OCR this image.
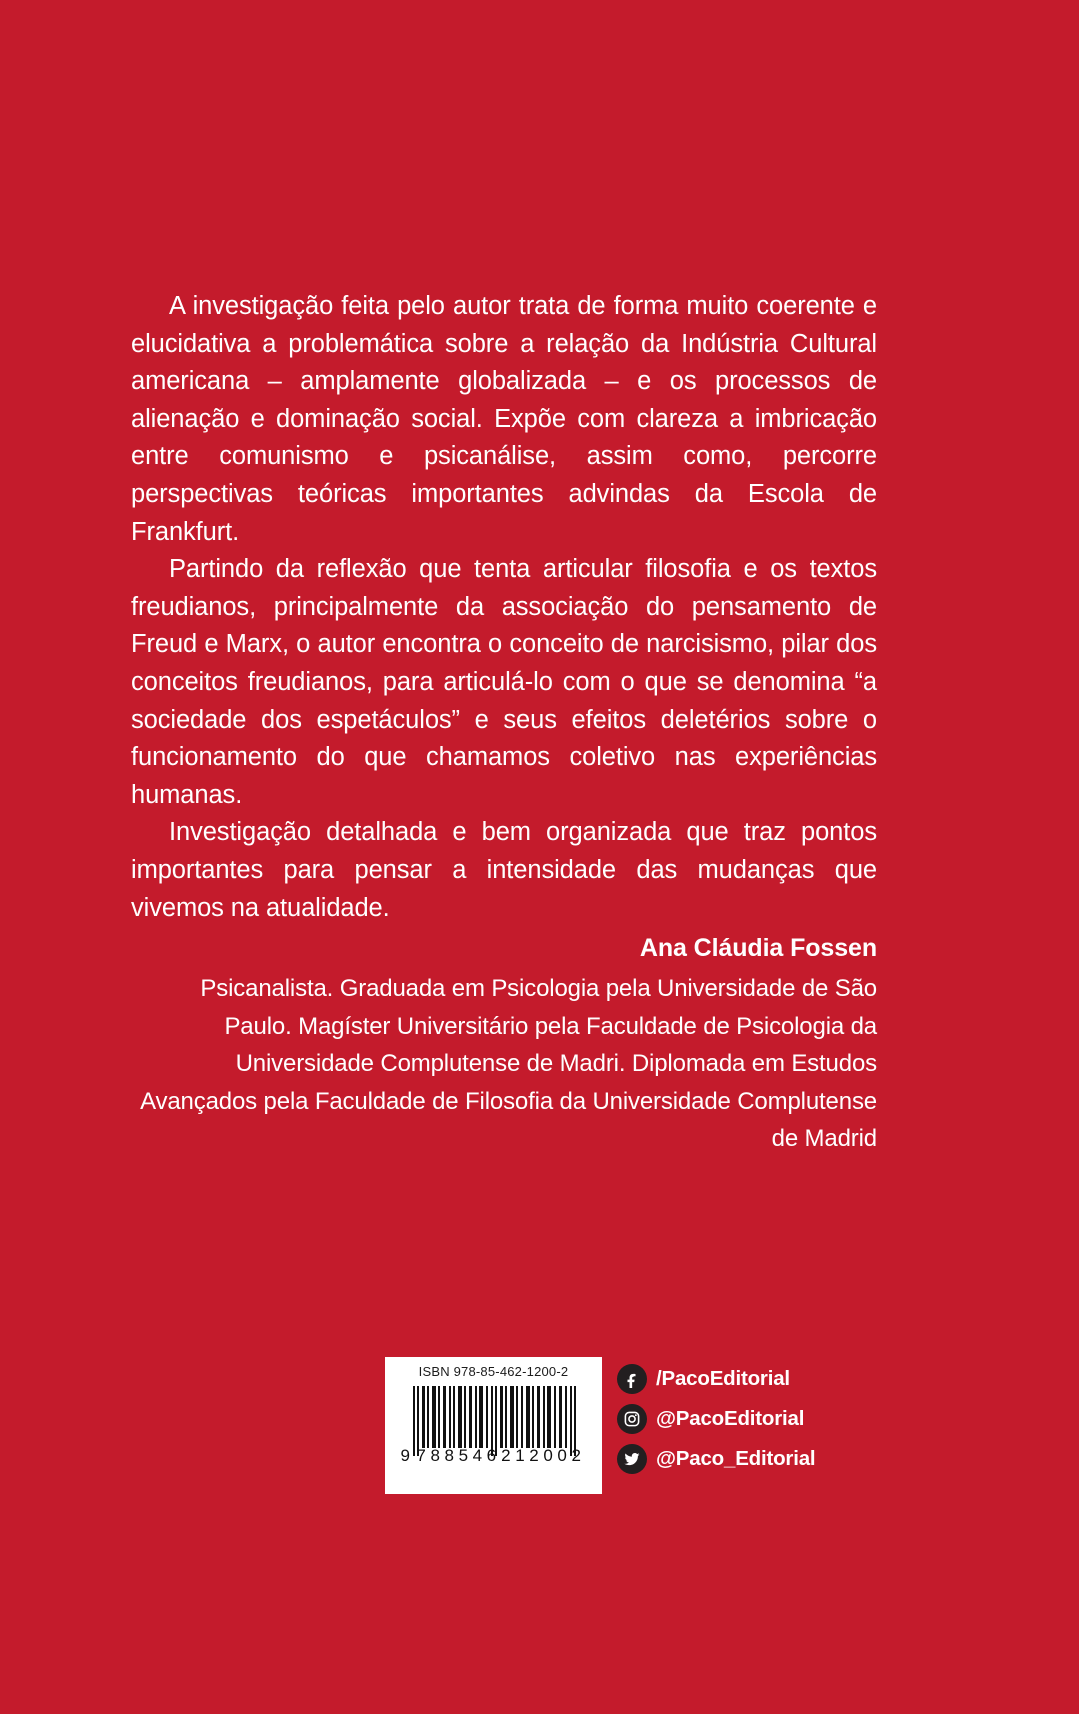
A investigação feita pelo autor trata de forma muito coerente e elucidativa a problemática sobre a relação da Indústria Cultural americana – amplamente globalizada – e os processos de alienação e dominação social. Expõe com clareza a imbricação entre comunismo e psicanálise, assim como, percorre perspectivas teóricas importantes advindas da Escola de Frankfurt.

Partindo da reflexão que tenta articular filosofia e os textos freudianos, principalmente da associação do pensamento de Freud e Marx, o autor encontra o conceito de narcisismo, pilar dos conceitos freudianos, para articulá-lo com o que se denomina “a sociedade dos espetáculos” e seus efeitos deletérios sobre o funcionamento do que chamamos coletivo nas experiências humanas.

Investigação detalhada e bem organizada que traz pontos importantes para pensar a intensidade das mudanças que vivemos na atualidade.

Ana Cláudia Fossen
Psicanalista. Graduada em Psicologia pela Universidade de São Paulo. Magíster Universitário pela Faculdade de Psicologia da Universidade Complutense de Madri. Diplomada em Estudos Avançados pela Faculdade de Filosofia da Universidade Complutense de Madrid
ISBN 978-85-462-1200-2
9 788546 212002
/PacoEditorial
@PacoEditorial
@Paco_Editorial
